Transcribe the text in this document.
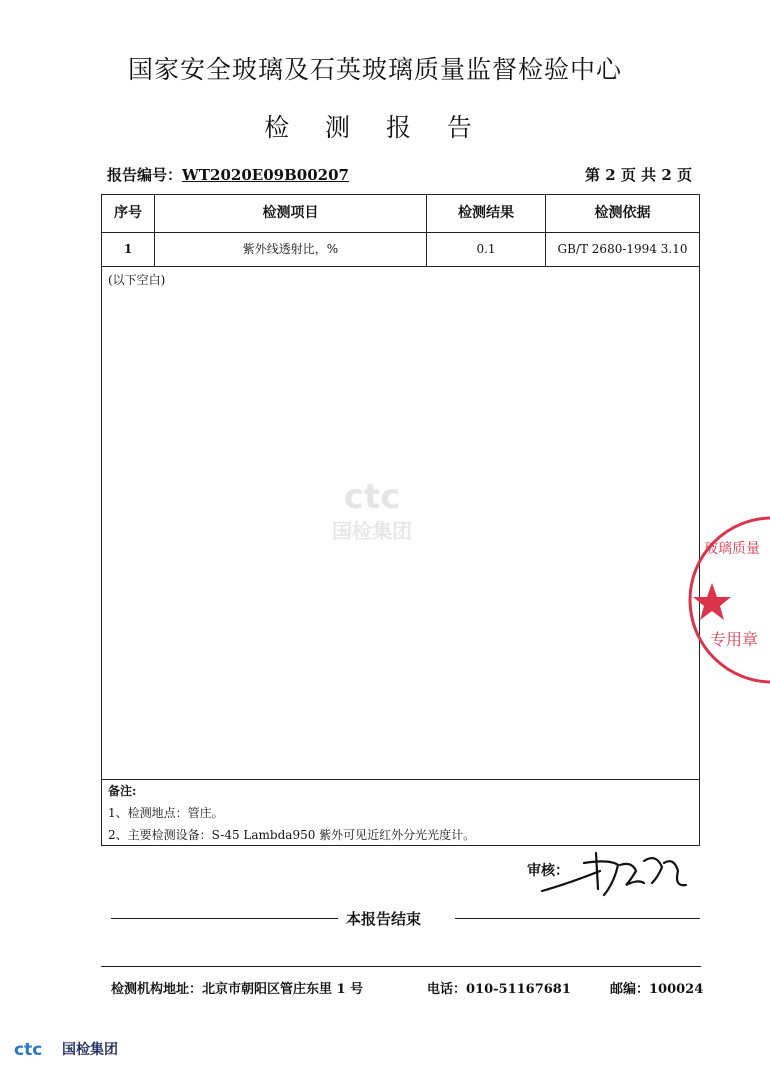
国家安全玻璃及石英玻璃质量监督检验中心
检 测 报 告
报告编号：WT2020E09B00207	第 2 页 共 2 页
序号	检测项目	检测结果	检测依据
1	紫外线透射比，%	0.1	GB/T 2680-1994 3.10
(以下空白)
备注:
1、检测地点：管庄。
2、主要检测设备：S-45 Lambda950 紫外可见近红外分光光度计。
ctc
国检集团
玻璃质量
专用章
审核：
本报告结束
检测机构地址：北京市朝阳区管庄东里 1 号	电话：010-51167681	邮编：100024
ctc 国检集团
